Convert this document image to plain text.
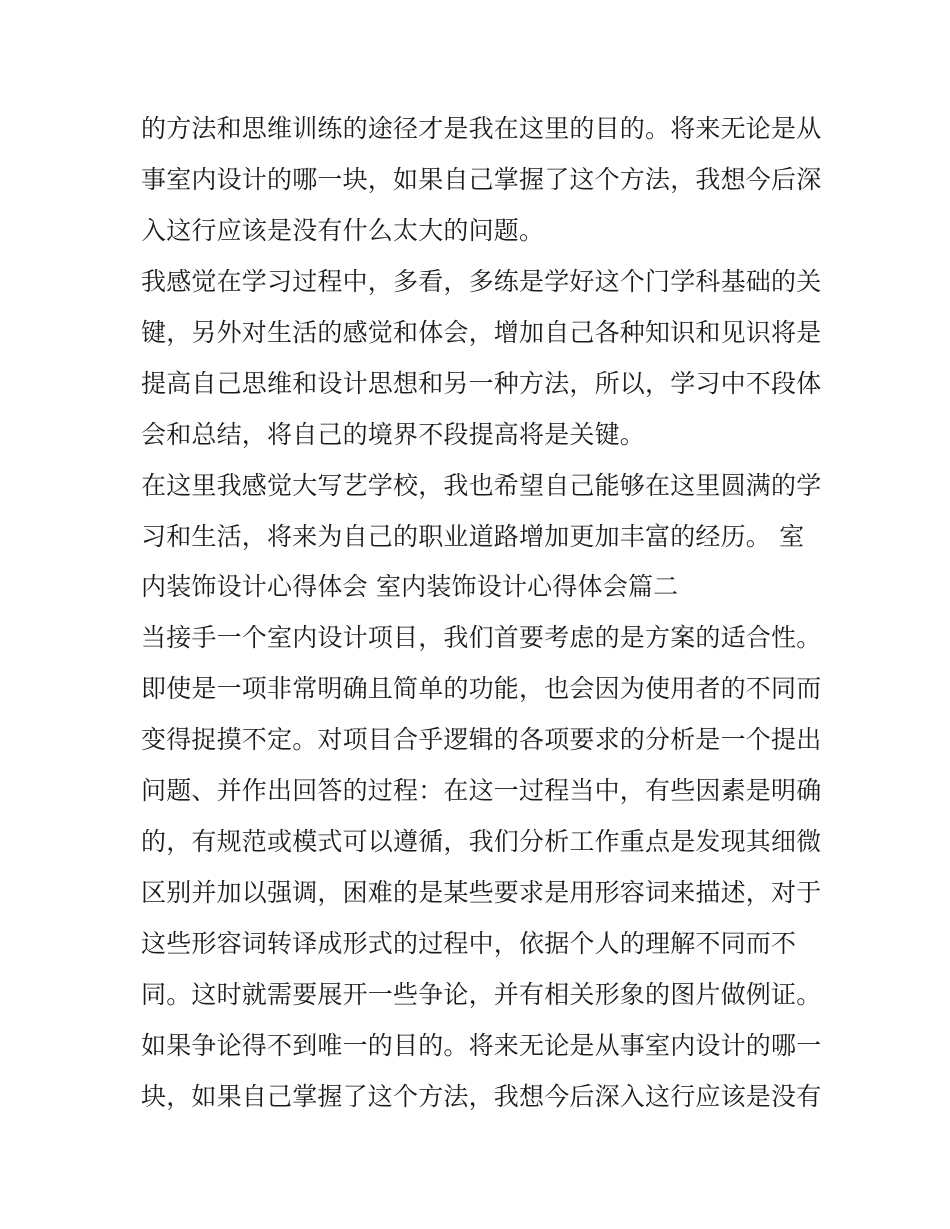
的方法和思维训练的途径才是我在这里的目的。将来无论是从

事室内设计的哪一块，如果自己掌握了这个方法，我想今后深

入这行应该是没有什么太大的问题。

我感觉在学习过程中，多看，多练是学好这个门学科基础的关

键，另外对生活的感觉和体会，增加自己各种知识和见识将是

提高自己思维和设计思想和另一种方法，所以，学习中不段体

会和总结，将自己的境界不段提高将是关键。

在这里我感觉大写艺学校，我也希望自己能够在这里圆满的学

习和生活，将来为自己的职业道路增加更加丰富的经历。 室

内装饰设计心得体会 室内装饰设计心得体会篇二

当接手一个室内设计项目，我们首要考虑的是方案的适合性。

即使是一项非常明确且简单的功能，也会因为使用者的不同而

变得捉摸不定。对项目合乎逻辑的各项要求的分析是一个提出

问题、并作出回答的过程：在这一过程当中，有些因素是明确

的，有规范或模式可以遵循，我们分析工作重点是发现其细微

区别并加以强调，困难的是某些要求是用形容词来描述，对于

这些形容词转译成形式的过程中，依据个人的理解不同而不

同。这时就需要展开一些争论，并有相关形象的图片做例证。

如果争论得不到唯一的目的。将来无论是从事室内设计的哪一

块，如果自己掌握了这个方法，我想今后深入这行应该是没有
